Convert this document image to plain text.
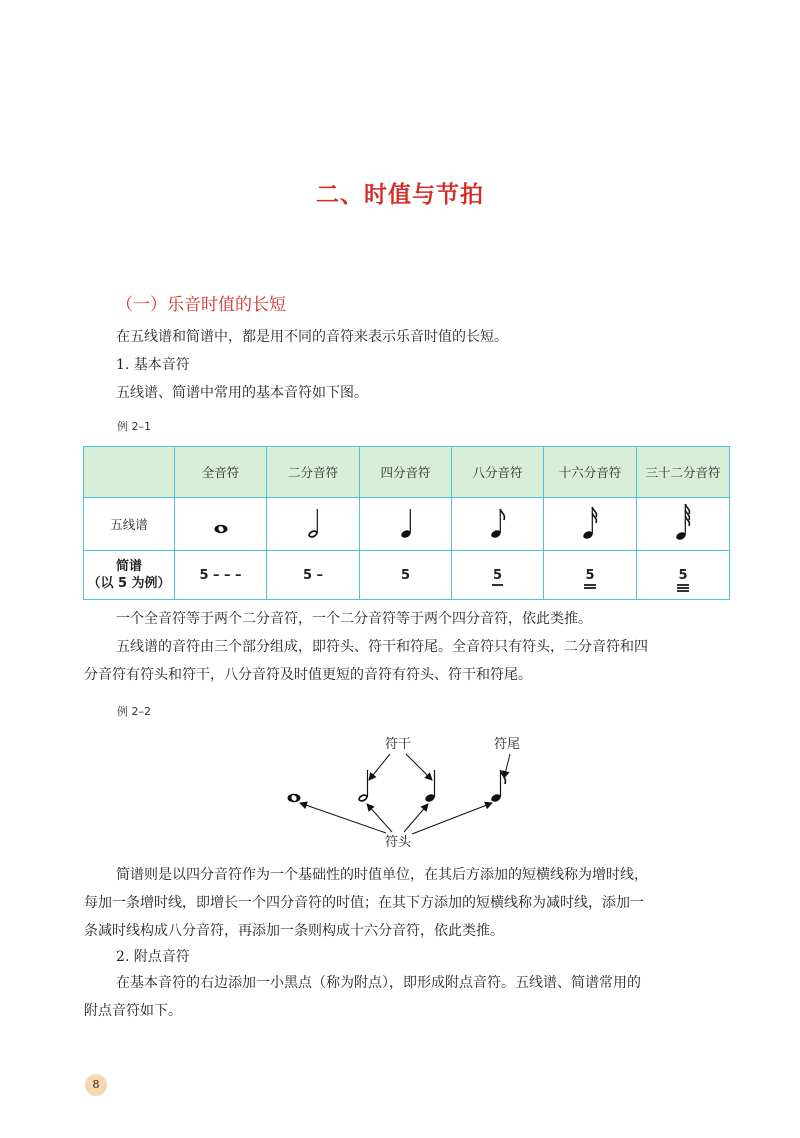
二、时值与节拍
（一）乐音时值的长短
在五线谱和简谱中，都是用不同的音符来表示乐音时值的长短。
1. 基本音符
五线谱、简谱中常用的基本音符如下图。
例 2–1
	全音符	二分音符	四分音符	八分音符	十六分音符	三十二分音符
五线谱						

简谱
（以 5 为例）	5 – – –	5 –	5	5	5	5
一个全音符等于两个二分音符，一个二分音符等于两个四分音符，依此类推。
五线谱的音符由三个部分组成，即符头、符干和符尾。全音符只有符头，二分音符和四
分音符有符头和符干，八分音符及时值更短的音符有符头、符干和符尾。
例 2–2
符干	符尾
符头
简谱则是以四分音符作为一个基础性的时值单位，在其后方添加的短横线称为增时线，
每加一条增时线，即增长一个四分音符的时值；在其下方添加的短横线称为减时线，添加一
条减时线构成八分音符，再添加一条则构成十六分音符，依此类推。
2. 附点音符
在基本音符的右边添加一小黑点（称为附点），即形成附点音符。五线谱、简谱常用的
附点音符如下。
8
